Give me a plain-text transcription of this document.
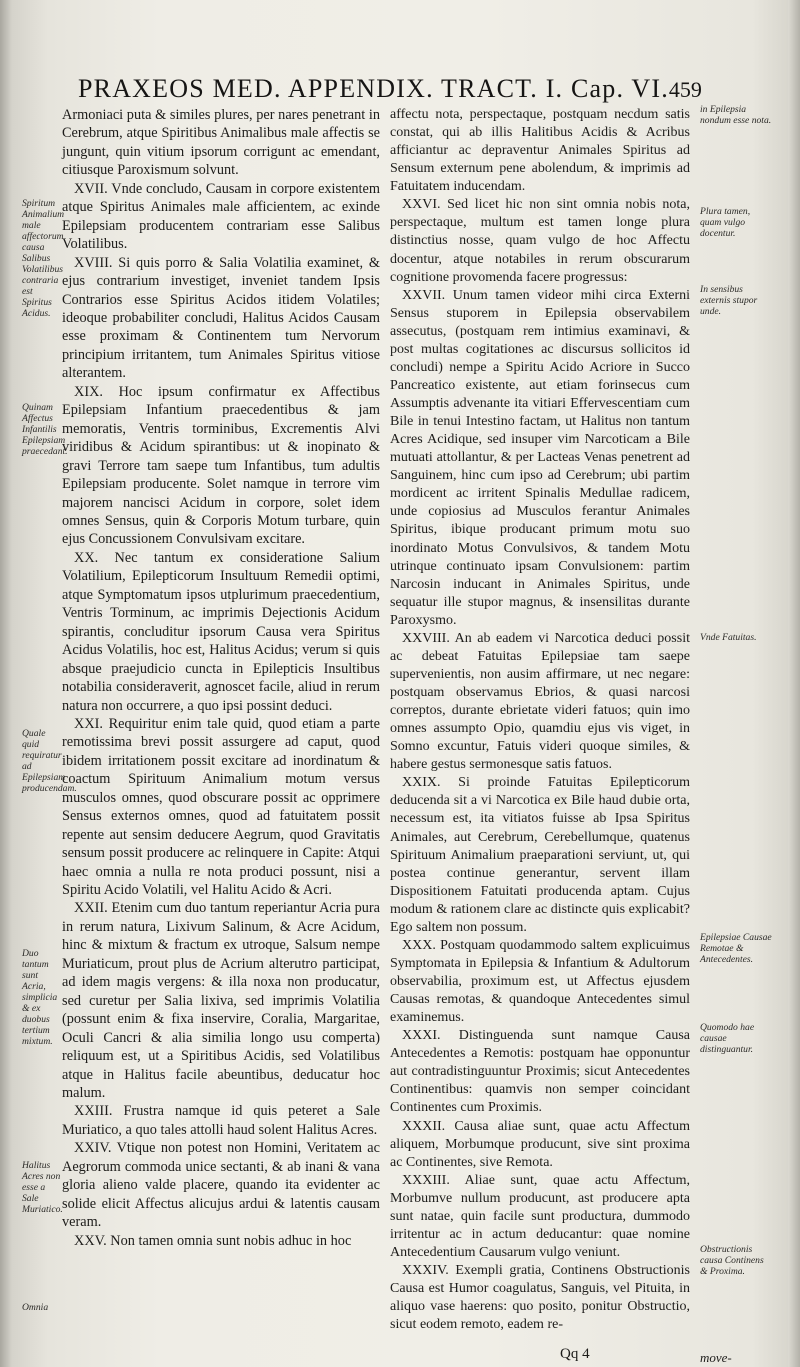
PRAXEOS MED. APPENDIX. TRACT. I. Cap. VI. 459

Armoniaci puta & similes plures, per nares penetrant in Cerebrum, atque Spiritibus Animalibus male affectis se jungunt, quin vitium ipsorum corrigunt ac emendant, citiusque Paroxismum solvunt.

XVII. Vnde concludo, Causam in corpore existentem atque Spiritus Animales male afficientem, ac exinde Epilepsiam producentem contrariam esse Salibus Volatilibus.

XVIII. Si quis porro & Salia Volatilia examinet, & ejus contrarium investiget, inveniet tandem Ipsis Contrarios esse Spiritus Acidos itidem Volatiles; ideoque probabiliter concludi, Halitus Acidos Causam esse proximam & Continentem tum Nervorum principium irritantem, tum Animales Spiritus vitiose alterantem.

XIX. Hoc ipsum confirmatur ex Affectibus Epilepsiam Infantium praecedentibus & jam memoratis, Ventris torminibus, Excrementis Alvi viridibus & Acidum spirantibus: ut & inopinato & gravi Terrore tam saepe tum Infantibus, tum adultis Epilepsiam producente. Solet namque in terrore vim majorem nancisci Acidum in corpore, solet idem omnes Sensus, quin & Corporis Motum turbare, quin ejus Concussionem Convulsivam excitare.

XX. Nec tantum ex consideratione Salium Volatilium, Epilepticorum Insultuum Remedii optimi, atque Symptomatum ipsos utplurimum praecedentium, Ventris Torminum, ac imprimis Dejectionis Acidum spirantis, concluditur ipsorum Causa vera Spiritus Acidus Volatilis, hoc est, Halitus Acidus; verum si quis absque praejudicio cuncta in Epilepticis Insultibus notabilia consideraverit, agnoscet facile, aliud in rerum natura non occurrere, a quo ipsi possint deduci.

XXI. Requiritur enim tale quid, quod etiam a parte remotissima brevi possit assurgere ad caput, quod ibidem irritationem possit excitare ad inordinatum & coactum Spirituum Animalium motum versus musculos omnes, quod obscurare possit ac opprimere Sensus externos omnes, quod ad fatuitatem possit repente aut sensim deducere Aegrum, quod Gravitatis sensum possit producere ac relinquere in Capite: Atqui haec omnia a nulla re nota produci possunt, nisi a Spiritu Acido Volatili, vel Halitu Acido & Acri.

XXII. Etenim cum duo tantum reperiantur Acria pura in rerum natura, Lixivum Salinum, & Acre Acidum, hinc & mixtum & fractum ex utroque, Salsum nempe Muriaticum, prout plus de Acrium alterutro participat, ad idem magis vergens: & illa noxa non producatur, sed curetur per Salia lixiva, sed imprimis Volatilia (possunt enim & fixa inservire, Coralia, Margaritae, Oculi Cancri & alia similia longo usu comperta) reliquum est, ut a Spiritibus Acidis, sed Volatilibus atque in Halitus facile abeuntibus, deducatur hoc malum.

XXIII. Frustra namque id quis peteret a Sale Muriatico, a quo tales attolli haud solent Halitus Acres.

XXIV. Vtique non potest non Homini, Veritatem ac Aegrorum commoda unice sectanti, & ab inani & vana gloria alieno valde placere, quando ita evidenter ac solide elicit Affectus alicujus ardui & latentis causam veram.

XXV. Non tamen omnia sunt nobis adhuc in hoc

affectu nota, perspectaque, postquam necdum satis constat, qui ab illis Halitibus Acidis & Acribus afficiantur ac depraventur Animales Spiritus ad Sensum externum pene abolendum, & imprimis ad Fatuitatem inducendam.

XXVI. Sed licet hic non sint omnia nobis nota, perspectaque, multum est tamen longe plura distinctius nosse, quam vulgo de hoc Affectu docentur, atque notabiles in rerum obscurarum cognitione provomenda facere progressus:

XXVII. Unum tamen videor mihi circa Externi Sensus stuporem in Epilepsia observabilem assecutus, (postquam rem intimius examinavi, & post multas cogitationes ac discursus sollicitos id concludi) nempe a Spiritu Acido Acriore in Succo Pancreatico existente, aut etiam forinsecus cum Assumptis advenante ita vitiari Effervescentiam cum Bile in tenui Intestino factam, ut Halitus non tantum Acres Acidique, sed insuper vim Narcoticam a Bile mutuati attollantur, & per Lacteas Venas penetrent ad Sanguinem, hinc cum ipso ad Cerebrum; ubi partim mordicent ac irritent Spinalis Medullae radicem, unde copiosius ad Musculos ferantur Animales Spiritus, ibique producant primum motu suo inordinato Motus Convulsivos, & tandem Motu utrinque continuato ipsam Convulsionem: partim Narcosin inducant in Animales Spiritus, unde sequatur ille stupor magnus, & insensilitas durante Paroxysmo.

XXVIII. An ab eadem vi Narcotica deduci possit ac debeat Fatuitas Epilepsiae tam saepe supervenientis, non ausim affirmare, ut nec negare: postquam observamus Ebrios, & quasi narcosi correptos, durante ebrietate videri fatuos; quin imo omnes assumpto Opio, quamdiu ejus vis viget, in Somno excuntur, Fatuis videri quoque similes, & habere gestus sermonesque satis fatuos.

XXIX. Si proinde Fatuitas Epilepticorum deducenda sit a vi Narcotica ex Bile haud dubie orta, necessum est, ita vitiatos fuisse ab Ipsa Spiritus Animales, aut Cerebrum, Cerebellumque, quatenus Spirituum Animalium praeparationi serviunt, ut, qui postea continue generantur, servent illam Dispositionem Fatuitati producenda aptam. Cujus modum & rationem clare ac distincte quis explicabit? Ego saltem non possum.

XXX. Postquam quodammodo saltem explicuimus Symptomata in Epilepsia & Infantium & Adultorum observabilia, proximum est, ut Affectus ejusdem Causas remotas, & quandoque Antecedentes simul examinemus.

XXXI. Distinguenda sunt namque Causa Antecedentes a Remotis: postquam hae opponuntur aut contradistinguuntur Proximis; sicut Antecedentes Continentibus: quamvis non semper coincidant Continentes cum Proximis.

XXXII. Causa aliae sunt, quae actu Affectum aliquem, Morbumque producunt, sive sint proxima ac Continentes, sive Remota.

XXXIII. Aliae sunt, quae actu Affectum, Morbumve nullum producunt, ast producere apta sunt natae, quin facile sunt productura, dummodo irritentur ac in actum deducantur: quae nomine Antecedentium Causarum vulgo veniunt.

XXXIV. Exempli gratia, Continens Obstructionis Causa est Humor coagulatus, Sanguis, vel Pituita, in aliquo vase haerens: quo posito, ponitur Obstructio, sicut eodem remoto, eadem re-

Spiritum Animalium male affectorum causa Salibus Volatilibus contraria est Spiritus Acidus.
Quinam Affectus Infantilis Epilepsiam praecedant.
Quale quid requiratur ad Epilepsiam producendam.
Duo tantum sunt Acria, simplicia & ex duobus tertium mixtum.
Halitus Acres non esse a Sale Muriatico.
Omnia
in Epilepsia nondum esse nota.
Plura tamen, quam vulgo docentur.
In sensibus externis stupor unde.
Vnde Fatuitas.
Epilepsiae Causae Remotae & Antecedentes.
Quomodo hae causae distinguantur.
Obstructionis causa Continens & Proxima.
Qq 4	move-
